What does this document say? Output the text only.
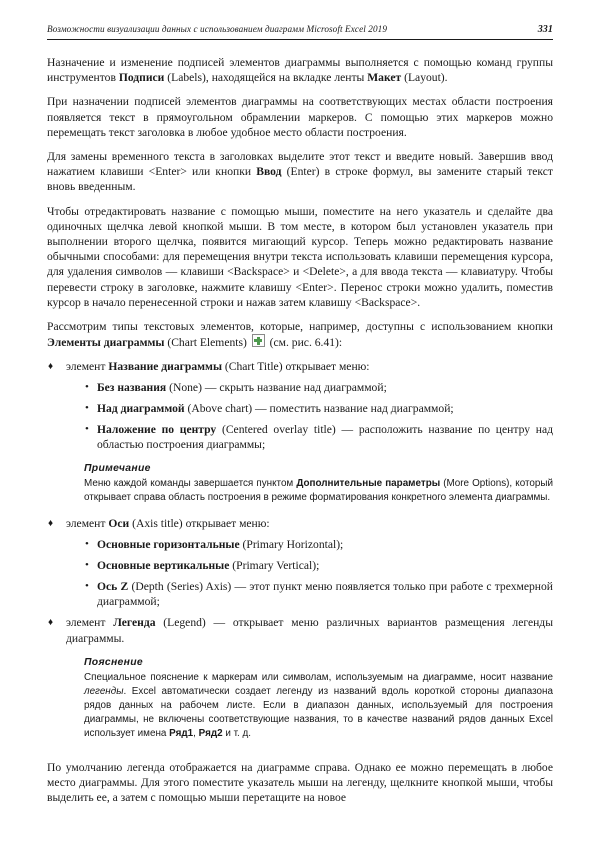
Возможности визуализации данных с использованием диаграмм Microsoft Excel 2019	331

Назначение и изменение подписей элементов диаграммы выполняется с помощью команд группы инструментов Подписи (Labels), находящейся на вкладке ленты Макет (Layout).

При назначении подписей элементов диаграммы на соответствующих местах области построения появляется текст в прямоугольном обрамлении маркеров. С помощью этих маркеров можно перемещать текст заголовка в любое удобное место области построения.

Для замены временного текста в заголовках выделите этот текст и введите новый. Завершив ввод нажатием клавиши <Enter> или кнопки Ввод (Enter) в строке формул, вы замените старый текст вновь введенным.

Чтобы отредактировать название с помощью мыши, поместите на него указатель и сделайте два одиночных щелчка левой кнопкой мыши. В том месте, в котором был установлен указатель при выполнении второго щелчка, появится мигающий курсор. Теперь можно редактировать название обычными способами: для перемещения внутри текста использовать клавиши перемещения курсора, для удаления символов — клавиши <Backspace> и <Delete>, а для ввода текста — клавиатуру. Чтобы перевести строку в заголовке, нажмите клавишу <Enter>. Перенос строки можно удалить, поместив курсор в начало перенесенной строки и нажав затем клавишу <Backspace>.

Рассмотрим типы текстовых элементов, которые, например, доступны с использованием кнопки Элементы диаграммы (Chart Elements)  (см. рис. 6.41):

♦ элемент Название диаграммы (Chart Title) открывает меню:
• Без названия (None) — скрыть название над диаграммой;
• Над диаграммой (Above chart) — поместить название над диаграммой;
• Наложение по центру (Centered overlay title) — расположить название по центру над областью построения диаграммы;
Примечание
Меню каждой команды завершается пунктом Дополнительные параметры (More Options), который открывает справа область построения в режиме форматирования конкретного элемента диаграммы.
♦ элемент Оси (Axis title) открывает меню:
• Основные горизонтальные (Primary Horizontal);
• Основные вертикальные (Primary Vertical);
• Ось Z (Depth (Series) Axis) — этот пункт меню появляется только при работе с трехмерной диаграммой;
♦ элемент Легенда (Legend) — открывает меню различных вариантов размещения легенды диаграммы.
Пояснение
Специальное пояснение к маркерам или символам, используемым на диаграмме, носит название легенды. Excel автоматически создает легенду из названий вдоль короткой стороны диапазона рядов данных на рабочем листе. Если в диапазон данных, используемый для построения диаграммы, не включены соответствующие названия, то в качестве названий рядов данных Excel использует имена Ряд1, Ряд2 и т. д.

По умолчанию легенда отображается на диаграмме справа. Однако ее можно перемещать в любое место диаграммы. Для этого поместите указатель мыши на легенду, щелкните кнопкой мыши, чтобы выделить ее, а затем с помощью мыши перетащите на новое
